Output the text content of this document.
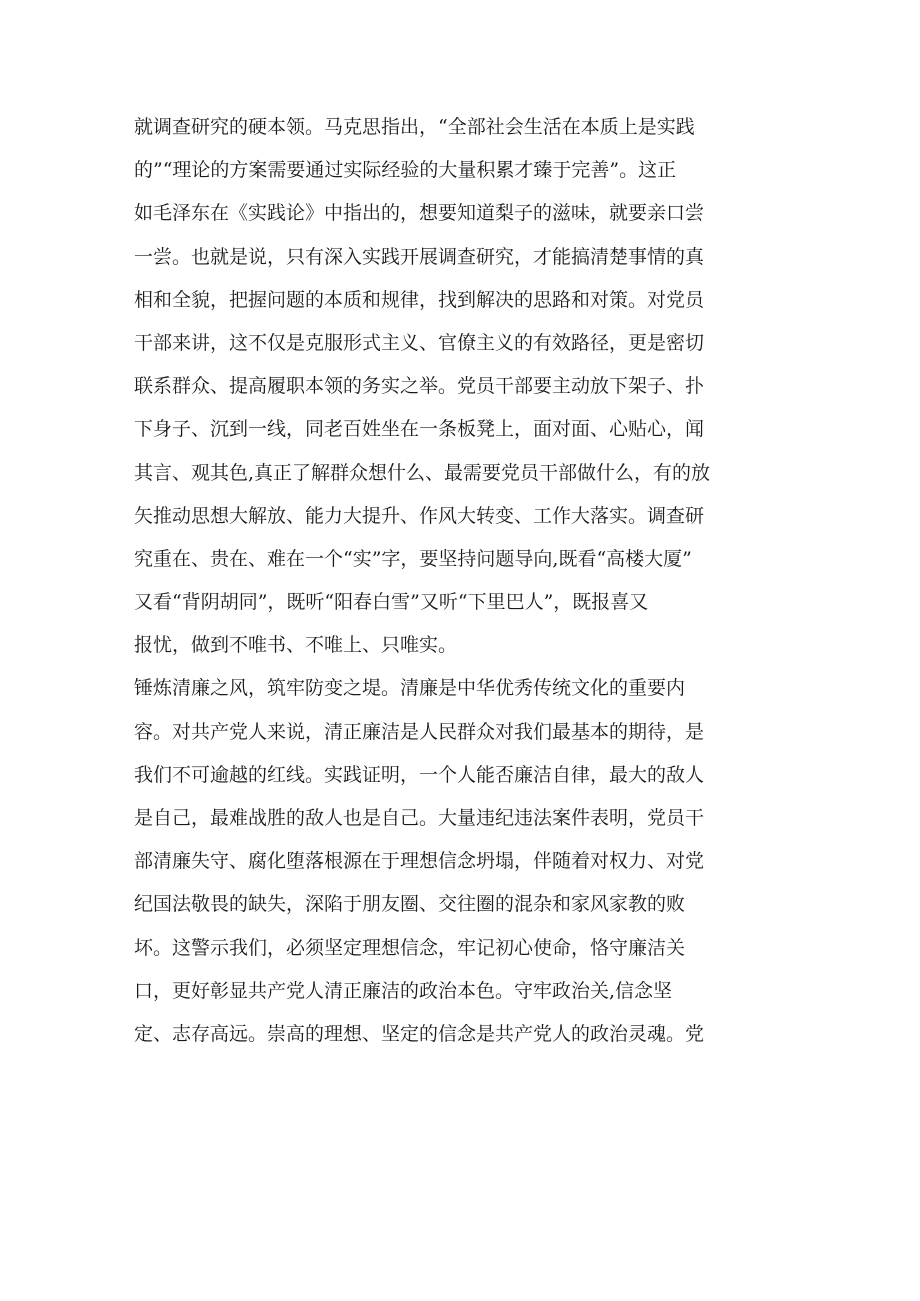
就调查研究的硬本领。马克思指出，“全部社会生活在本质上是实践
的”“理论的方案需要通过实际经验的大量积累才臻于完善”。这正
如毛泽东在《实践论》中指出的，想要知道梨子的滋味，就要亲口尝
一尝。也就是说，只有深入实践开展调查研究，才能搞清楚事情的真
相和全貌，把握问题的本质和规律，找到解决的思路和对策。对党员
干部来讲，这不仅是克服形式主义、官僚主义的有效路径，更是密切
联系群众、提高履职本领的务实之举。党员干部要主动放下架子、扑
下身子、沉到一线，同老百姓坐在一条板凳上，面对面、心贴心，闻
其言、观其色,真正了解群众想什么、最需要党员干部做什么，有的放
矢推动思想大解放、能力大提升、作风大转变、工作大落实。调查研
究重在、贵在、难在一个“实”字，要坚持问题导向,既看“高楼大厦”
又看“背阴胡同”，既听“阳春白雪”又听“下里巴人”，既报喜又
报忧，做到不唯书、不唯上、只唯实。
锤炼清廉之风，筑牢防变之堤。清廉是中华优秀传统文化的重要内
容。对共产党人来说，清正廉洁是人民群众对我们最基本的期待，是
我们不可逾越的红线。实践证明，一个人能否廉洁自律，最大的敌人
是自己，最难战胜的敌人也是自己。大量违纪违法案件表明，党员干
部清廉失守、腐化堕落根源在于理想信念坍塌，伴随着对权力、对党
纪国法敬畏的缺失，深陷于朋友圈、交往圈的混杂和家风家教的败
坏。这警示我们，必须坚定理想信念，牢记初心使命，恪守廉洁关
口，更好彰显共产党人清正廉洁的政治本色。守牢政治关,信念坚
定、志存高远。崇高的理想、坚定的信念是共产党人的政治灵魂。党
